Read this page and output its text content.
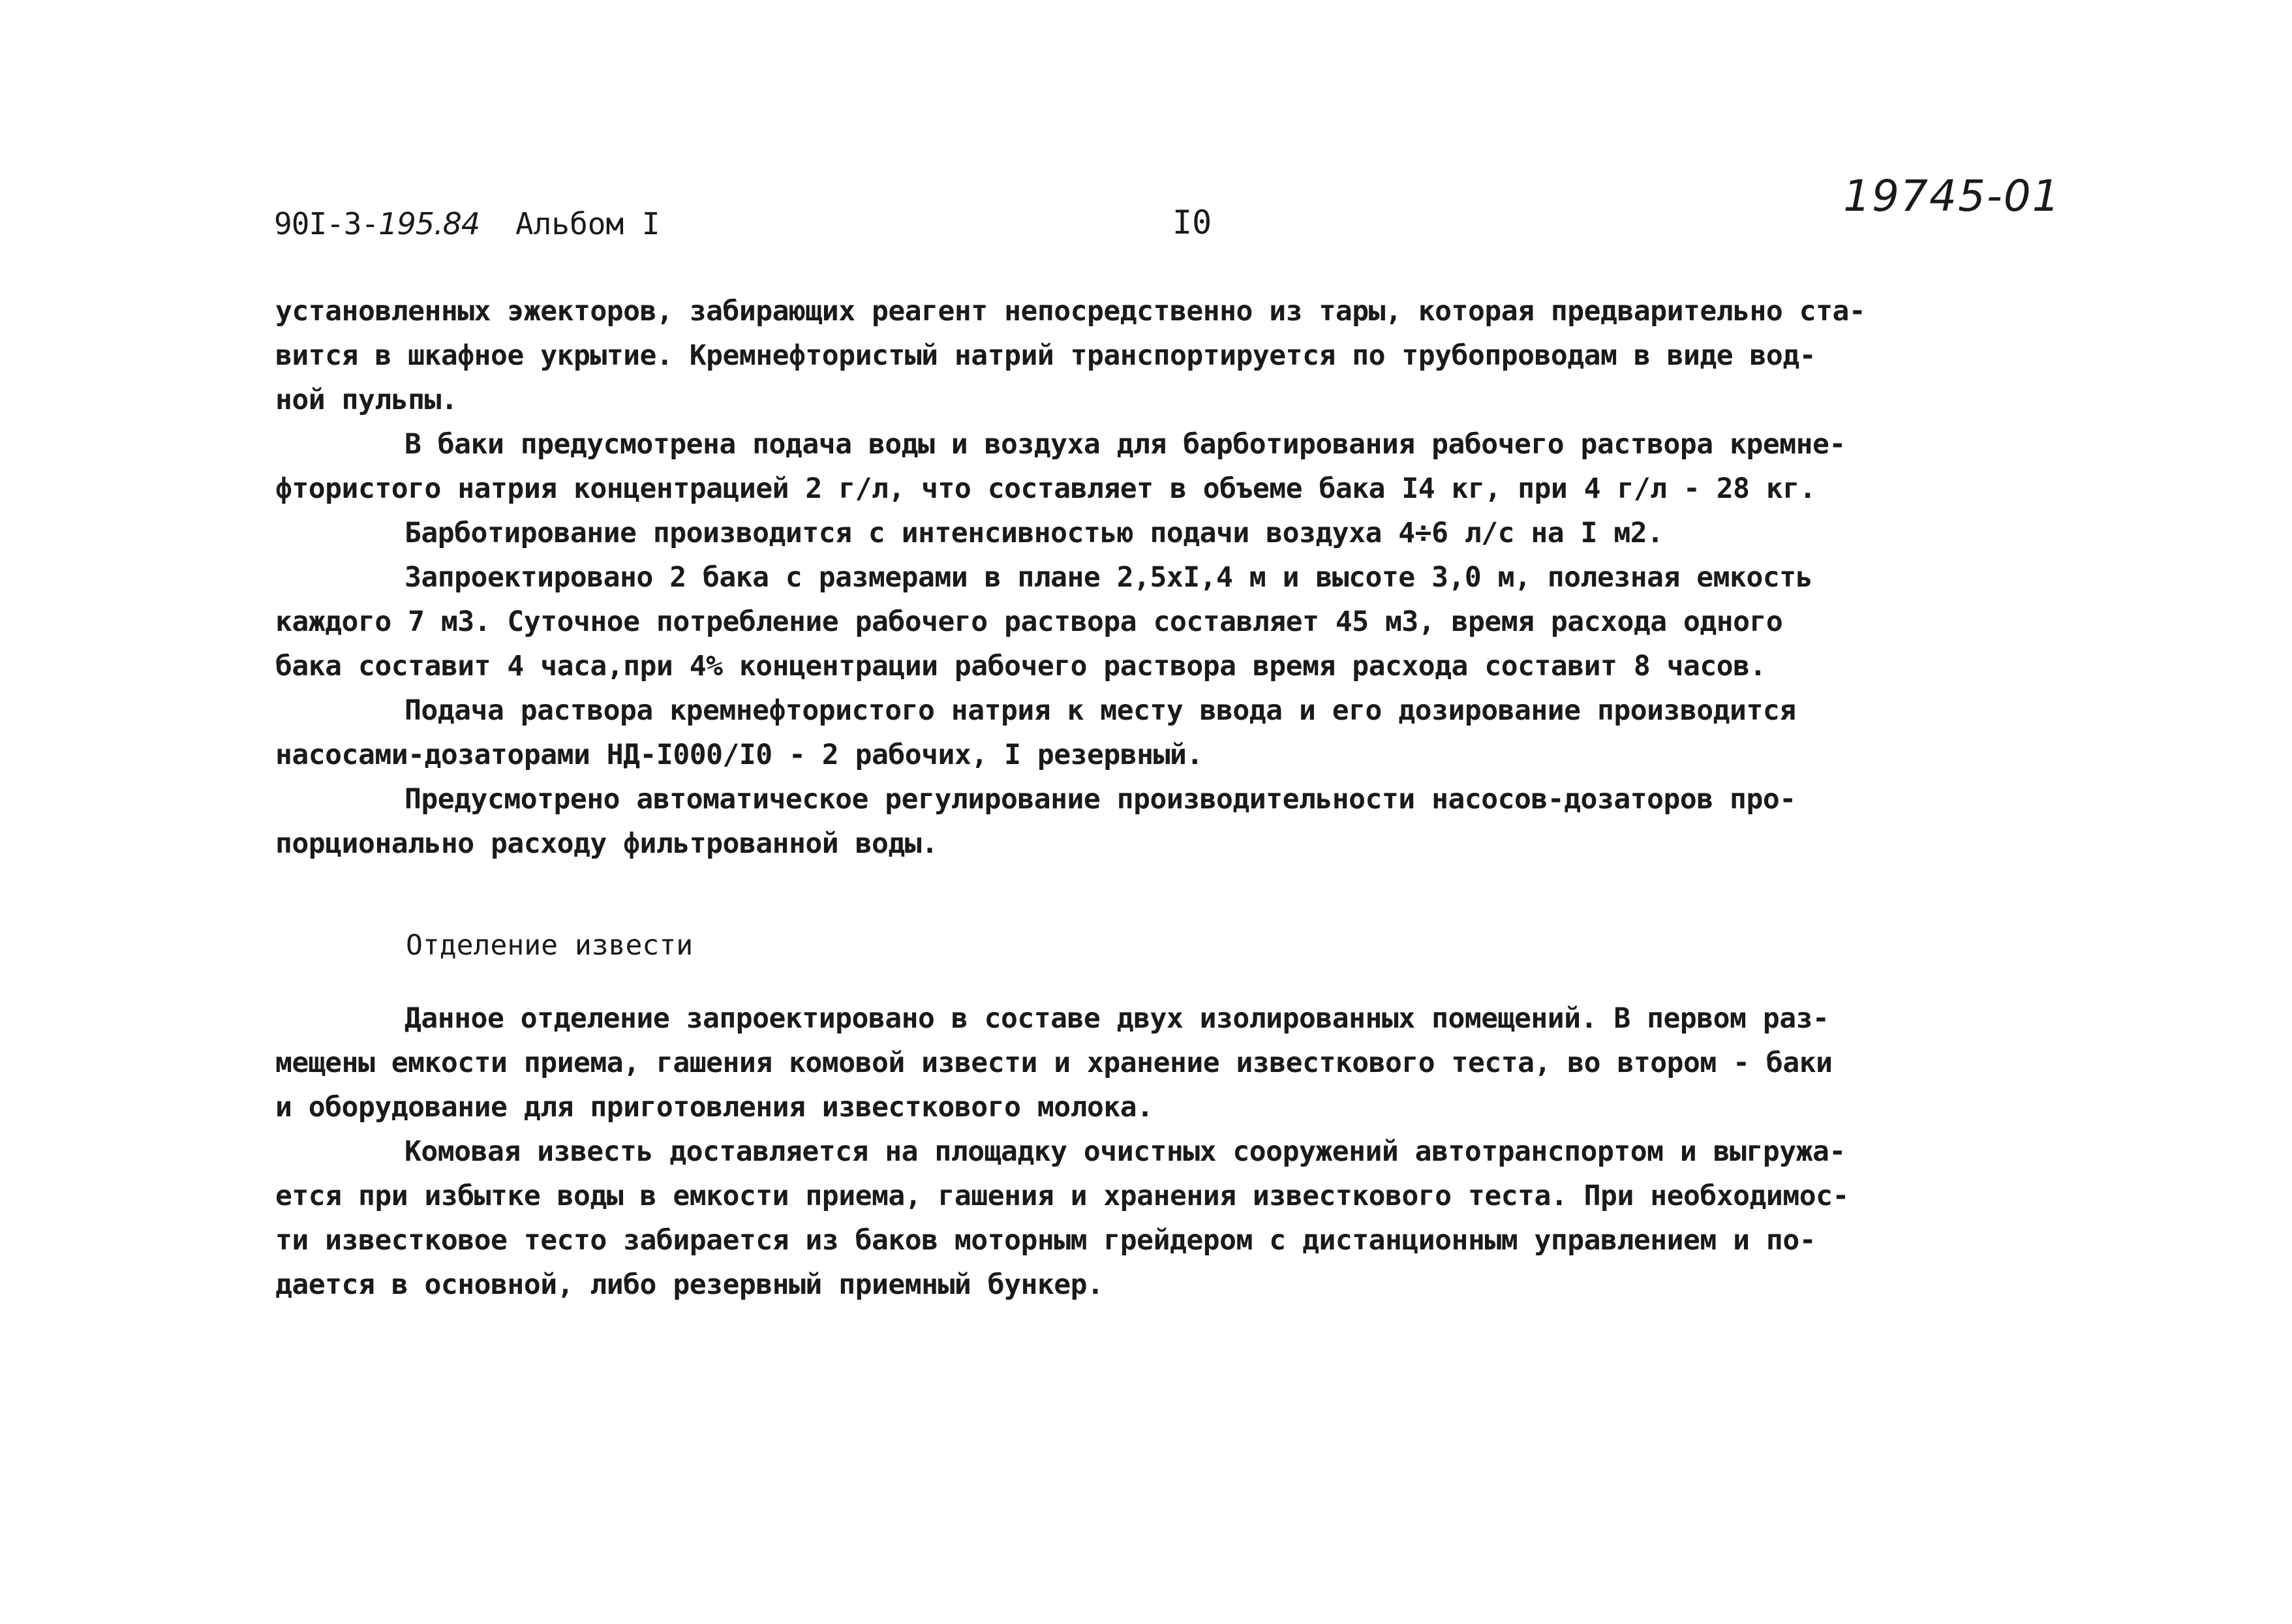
90I-3-195.84 Альбом I	I0
19745-01
установленных эжекторов, забирающих реагент непосредственно из тары, которая предварительно ста-
вится в шкафное укрытие. Кремнефтористый натрий транспортируется по трубопроводам в виде вод-
ной пульпы.
В баки предусмотрена подача воды и воздуха для барботирования рабочего раствора кремне-
фтористого натрия концентрацией 2 г/л, что составляет в объеме бака I4 кг, при 4 г/л - 28 кг.
Барботирование производится с интенсивностью подачи воздуха 4÷6 л/с на I м2.
Запроектировано 2 бака с размерами в плане 2,5хI,4 м и высоте 3,0 м, полезная емкость
каждого 7 м3. Суточное потребление рабочего раствора составляет 45 м3, время расхода одного
бака составит 4 часа,при 4% концентрации рабочего раствора время расхода составит 8 часов.
Подача раствора кремнефтористого натрия к месту ввода и его дозирование производится
насосами-дозаторами НД-I000/I0 - 2 рабочих, I резервный.
Предусмотрено автоматическое регулирование производительности насосов-дозаторов про-
порционально расходу фильтрованной воды.
Отделение извести
Данное отделение запроектировано в составе двух изолированных помещений. В первом раз-
мещены емкости приема, гашения комовой извести и хранение известкового теста, во втором - баки
и оборудование для приготовления известкового молока.
Комовая известь доставляется на площадку очистных сооружений автотранспортом и выгружа-
ется при избытке воды в емкости приема, гашения и хранения известкового теста. При необходимос-
ти известковое тесто забирается из баков моторным грейдером с дистанционным управлением и по-
дается в основной, либо резервный приемный бункер.
